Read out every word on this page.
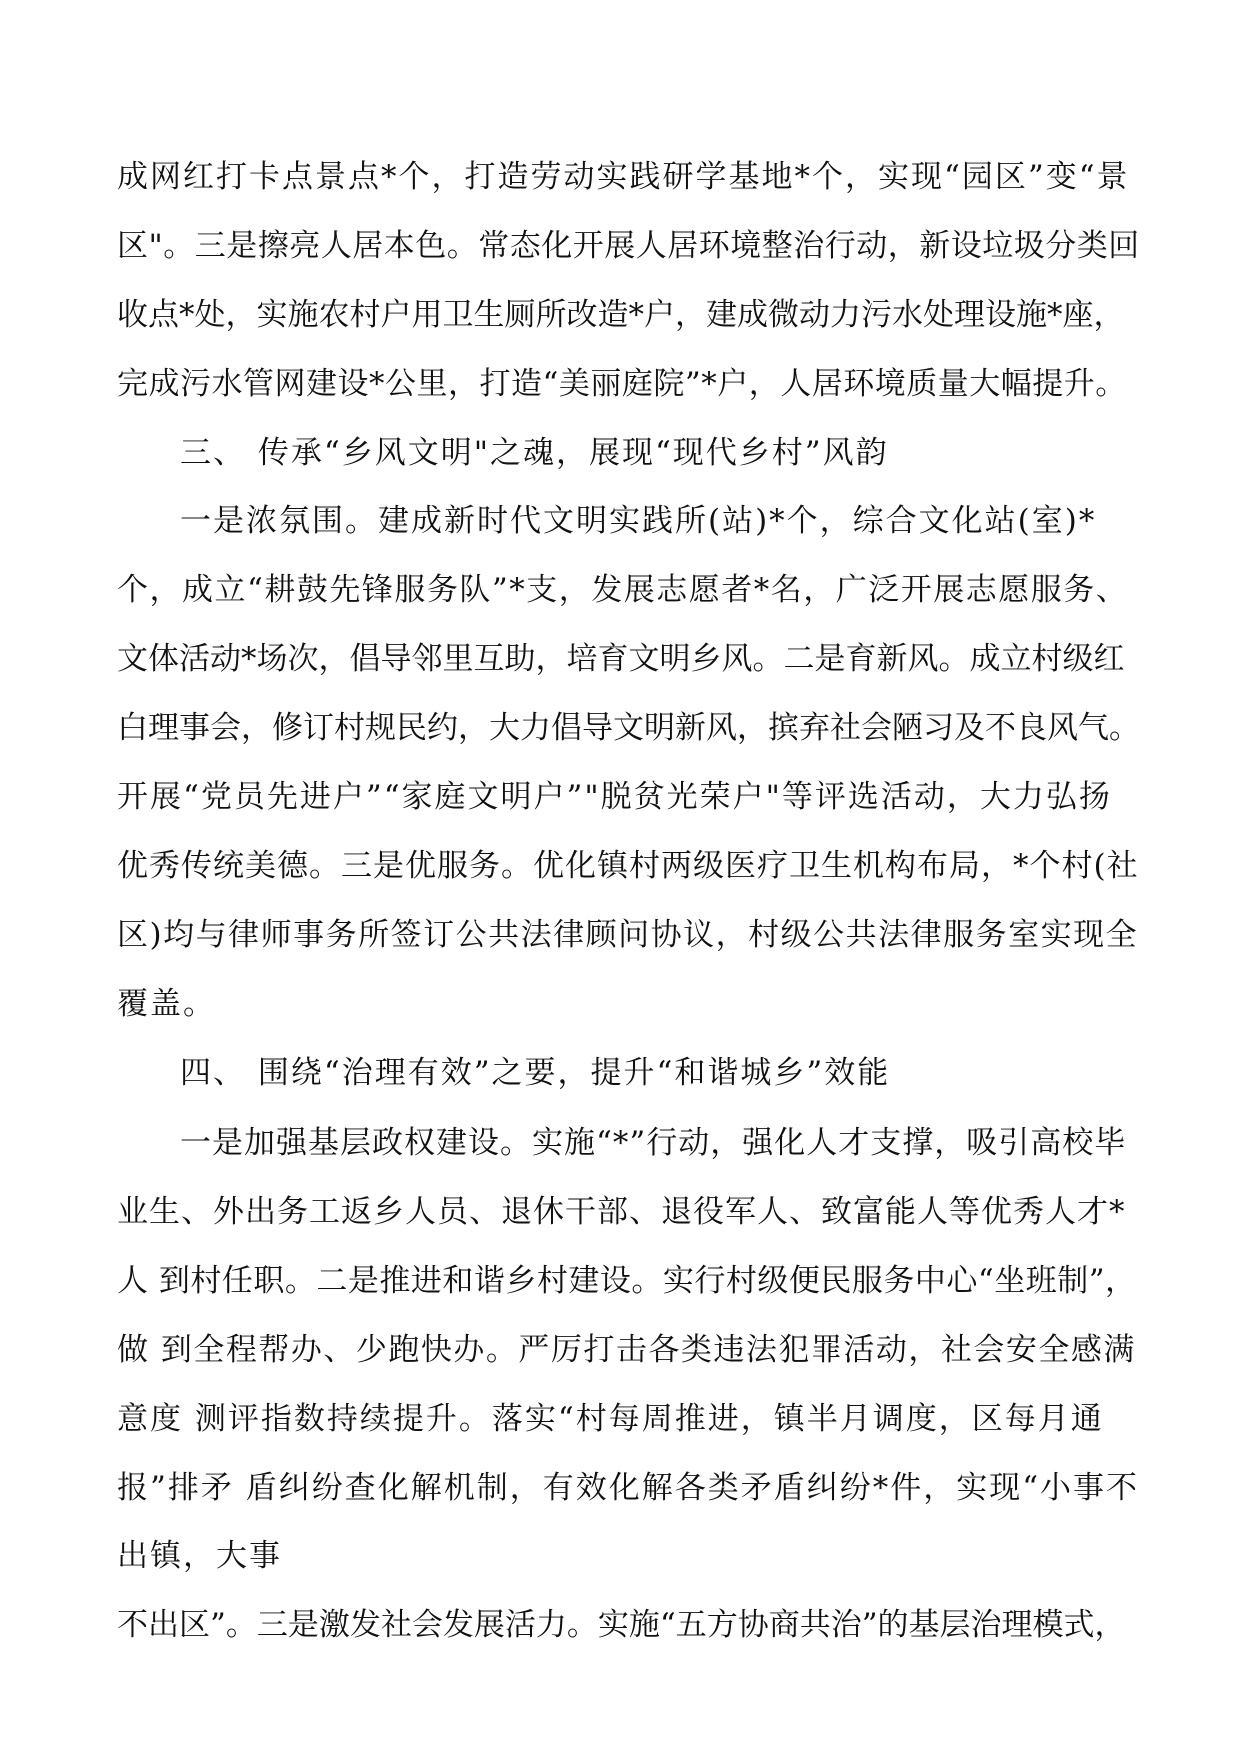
成网红打卡点景点*个，打造劳动实践研学基地*个，实现“园区”变“景
区"。三是擦亮人居本色。常态化开展人居环境整治行动，新设垃圾分类回
收点*处，实施农村户用卫生厕所改造*户，建成微动力污水处理设施*座，
完成污水管网建设*公里，打造“美丽庭院”*户，人居环境质量大幅提升。
三、 传承“乡风文明"之魂，展现“现代乡村”风韵
一是浓氛围。建成新时代文明实践所(站)*个，综合文化站(室)*
个，成立“耕鼓先锋服务队”*支，发展志愿者*名，广泛开展志愿服务、
文体活动*场次，倡导邻里互助，培育文明乡风。二是育新风。成立村级红
白理事会，修订村规民约，大力倡导文明新风，摈弃社会陋习及不良风气。
开展“党员先进户”“家庭文明户”"脱贫光荣户"等评选活动，大力弘扬
优秀传统美德。三是优服务。优化镇村两级医疗卫生机构布局，*个村(社
区)均与律师事务所签订公共法律顾问协议，村级公共法律服务室实现全
覆盖。
四、 围绕“治理有效”之要，提升“和谐城乡”效能
一是加强基层政权建设。实施“*”行动，强化人才支撑，吸引高校毕
业生、外出务工返乡人员、退休干部、退役军人、致富能人等优秀人才*
人 到村任职。二是推进和谐乡村建设。实行村级便民服务中心“坐班制”，
做 到全程帮办、少跑快办。严厉打击各类违法犯罪活动，社会安全感满
意度 测评指数持续提升。落实“村每周推进，镇半月调度，区每月通
报”排矛 盾纠纷查化解机制，有效化解各类矛盾纠纷*件，实现“小事不
出镇，大事
不出区”。三是激发社会发展活力。实施“五方协商共治”的基层治理模式，
